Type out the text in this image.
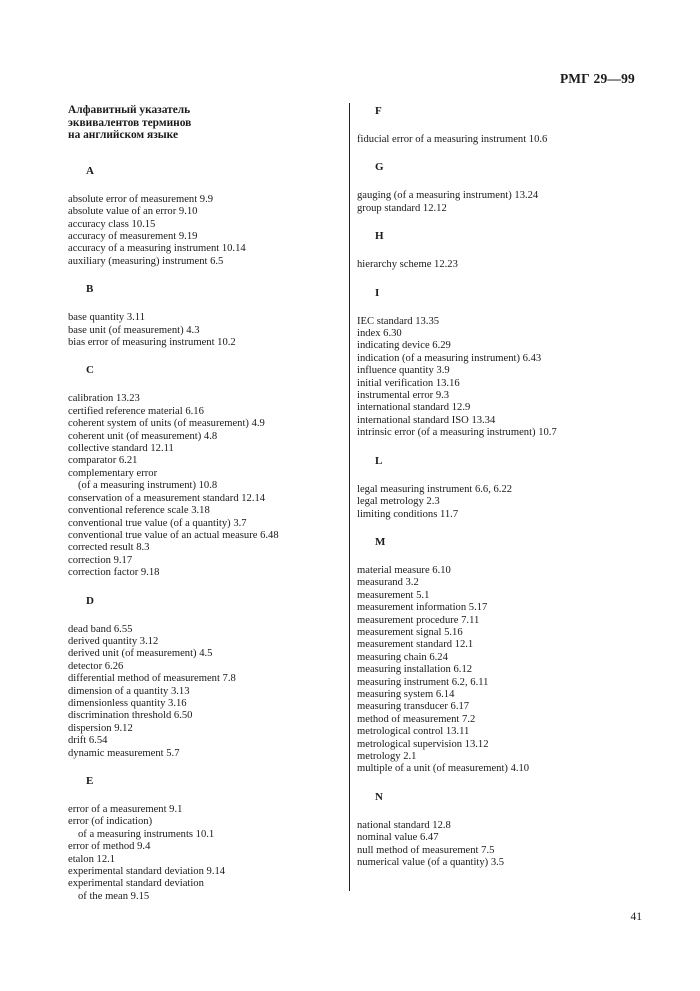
РМГ 29—99
Алфавитный указатель
эквивалентов терминов
на английском языке
A
absolute error of measurement 9.9
absolute value of an error 9.10
accuracy class 10.15
accuracy of measurement 9.19
accuracy of a measuring instrument 10.14
auxiliary (measuring) instrument 6.5
B
base quantity 3.11
base unit (of measurement) 4.3
bias error of measuring instrument 10.2
C
calibration 13.23
certified reference material 6.16
coherent system of units (of measurement) 4.9
coherent unit (of measurement) 4.8
collective standard 12.11
comparator 6.21
complementary error
(of a measuring instrument) 10.8
conservation of a measurement standard 12.14
conventional reference scale 3.18
conventional true value (of a quantity) 3.7
conventional true value of an actual measure 6.48
corrected result 8.3
correction 9.17
correction factor 9.18
D
dead band 6.55
derived quantity 3.12
derived unit (of measurement) 4.5
detector 6.26
differential method of measurement 7.8
dimension of a quantity 3.13
dimensionless quantity 3.16
discrimination threshold 6.50
dispersion 9.12
drift 6.54
dynamic measurement 5.7
E
error of a measurement 9.1
error (of indication)
of a measuring instruments 10.1
error of method 9.4
etalon 12.1
experimental standard deviation 9.14
experimental standard deviation
of the mean 9.15
F
fiducial error of a measuring instrument 10.6
G
gauging (of a measuring instrument) 13.24
group standard 12.12
H
hierarchy scheme 12.23
I
IEC standard 13.35
index 6.30
indicating device 6.29
indication (of a measuring instrument) 6.43
influence quantity 3.9
initial verification 13.16
instrumental error 9.3
international standard 12.9
international standard ISO 13.34
intrinsic error (of a measuring instrument) 10.7
L
legal measuring instrument 6.6, 6.22
legal metrology 2.3
limiting conditions 11.7
M
material measure 6.10
measurand 3.2
measurement 5.1
measurement information 5.17
measurement procedure 7.11
measurement signal 5.16
measurement standard 12.1
measuring chain 6.24
measuring installation 6.12
measuring instrument 6.2, 6.11
measuring system 6.14
measuring transducer 6.17
method of measurement 7.2
metrological control 13.11
metrological supervision 13.12
metrology 2.1
multiple of a unit (of measurement) 4.10
N
national standard 12.8
nominal value 6.47
null method of measurement 7.5
numerical value (of a quantity) 3.5
41
